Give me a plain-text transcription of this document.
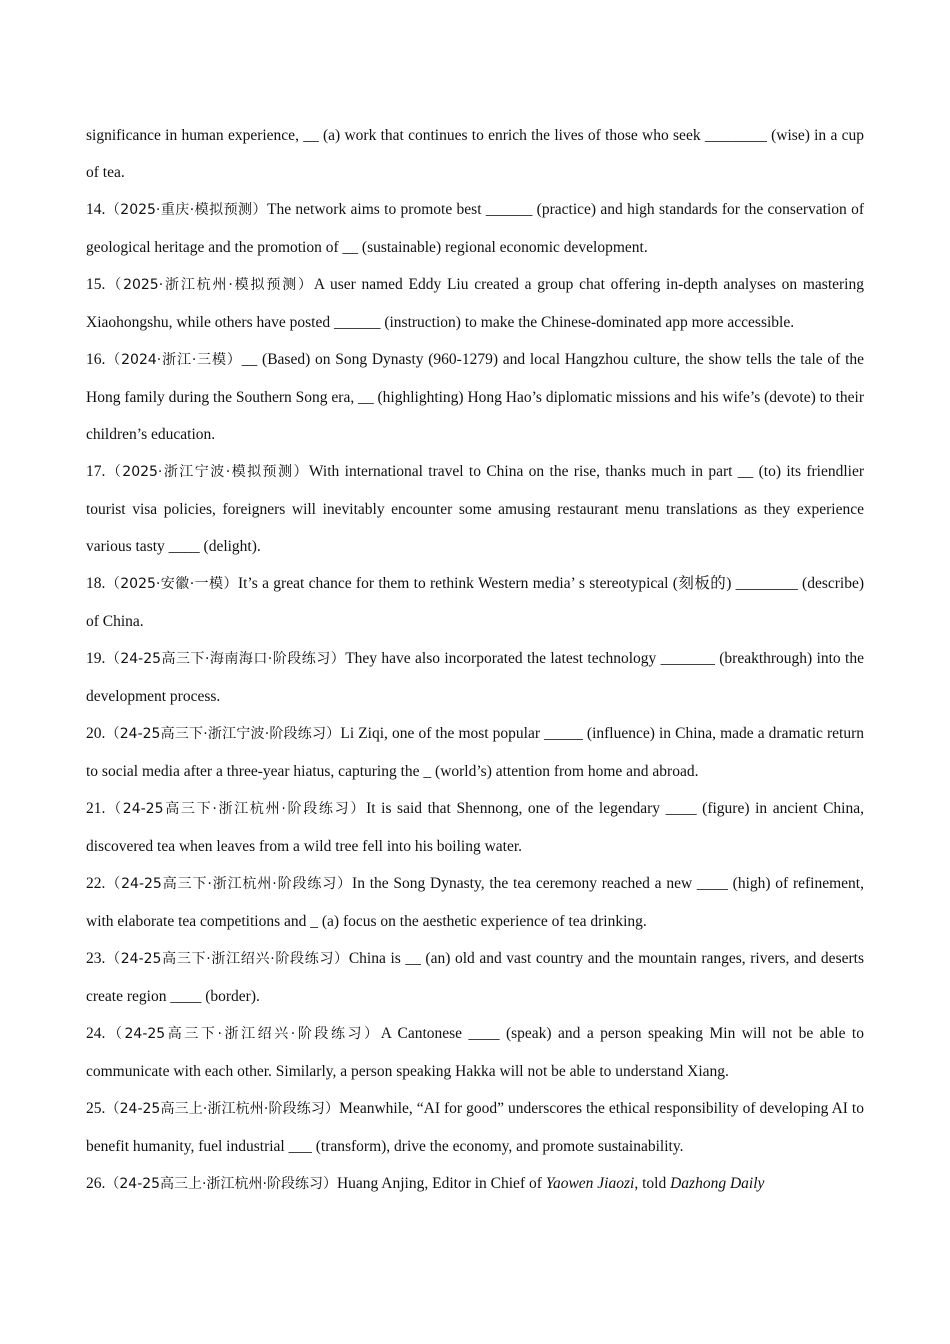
significance in human experience, __ (a) work that continues to enrich the lives of those who seek ________ (wise) in a cup of tea.

14.（2025·重庆·模拟预测）The network aims to promote best ______ (practice) and high standards for the conservation of geological heritage and the promotion of __ (sustainable) regional economic development.

15.（2025·浙江杭州·模拟预测）A user named Eddy Liu created a group chat offering in-depth analyses on mastering Xiaohongshu, while others have posted ______ (instruction) to make the Chinese-dominated app more accessible.

16.（2024·浙江·三模）__ (Based) on Song Dynasty (960-1279) and local Hangzhou culture, the show tells the tale of the Hong family during the Southern Song era, __ (highlighting) Hong Hao’s diplomatic missions and his wife’s (devote) to their children’s education.

17.（2025·浙江宁波·模拟预测）With international travel to China on the rise, thanks much in part __ (to) its friendlier tourist visa policies, foreigners will inevitably encounter some amusing restaurant menu translations as they experience various tasty ____ (delight).

18.（2025·安徽·一模）It’s a great chance for them to rethink Western media’ s stereotypical (刻板的) ________ (describe) of China.

19.（24-25高三下·海南海口·阶段练习）They have also incorporated the latest technology _______ (breakthrough) into the development process.

20.（24-25高三下·浙江宁波·阶段练习）Li Ziqi, one of the most popular _____ (influence) in China, made a dramatic return to social media after a three-year hiatus, capturing the _ (world’s) attention from home and abroad.

21.（24-25高三下·浙江杭州·阶段练习）It is said that Shennong, one of the legendary ____ (figure) in ancient China, discovered tea when leaves from a wild tree fell into his boiling water.

22.（24-25高三下·浙江杭州·阶段练习）In the Song Dynasty, the tea ceremony reached a new ____ (high) of refinement, with elaborate tea competitions and _ (a) focus on the aesthetic experience of tea drinking.

23.（24-25高三下·浙江绍兴·阶段练习）China is __ (an) old and vast country and the mountain ranges, rivers, and deserts create region ____ (border).

24.（24-25高三下·浙江绍兴·阶段练习）A Cantonese ____ (speak) and a person speaking Min will not be able to communicate with each other. Similarly, a person speaking Hakka will not be able to understand Xiang.

25.（24-25高三上·浙江杭州·阶段练习）Meanwhile, “AI for good” underscores the ethical responsibility of developing AI to benefit humanity, fuel industrial ___ (transform), drive the economy, and promote sustainability.

26.（24-25高三上·浙江杭州·阶段练习）Huang Anjing, Editor in Chief of Yaowen Jiaozi, told Dazhong Daily
